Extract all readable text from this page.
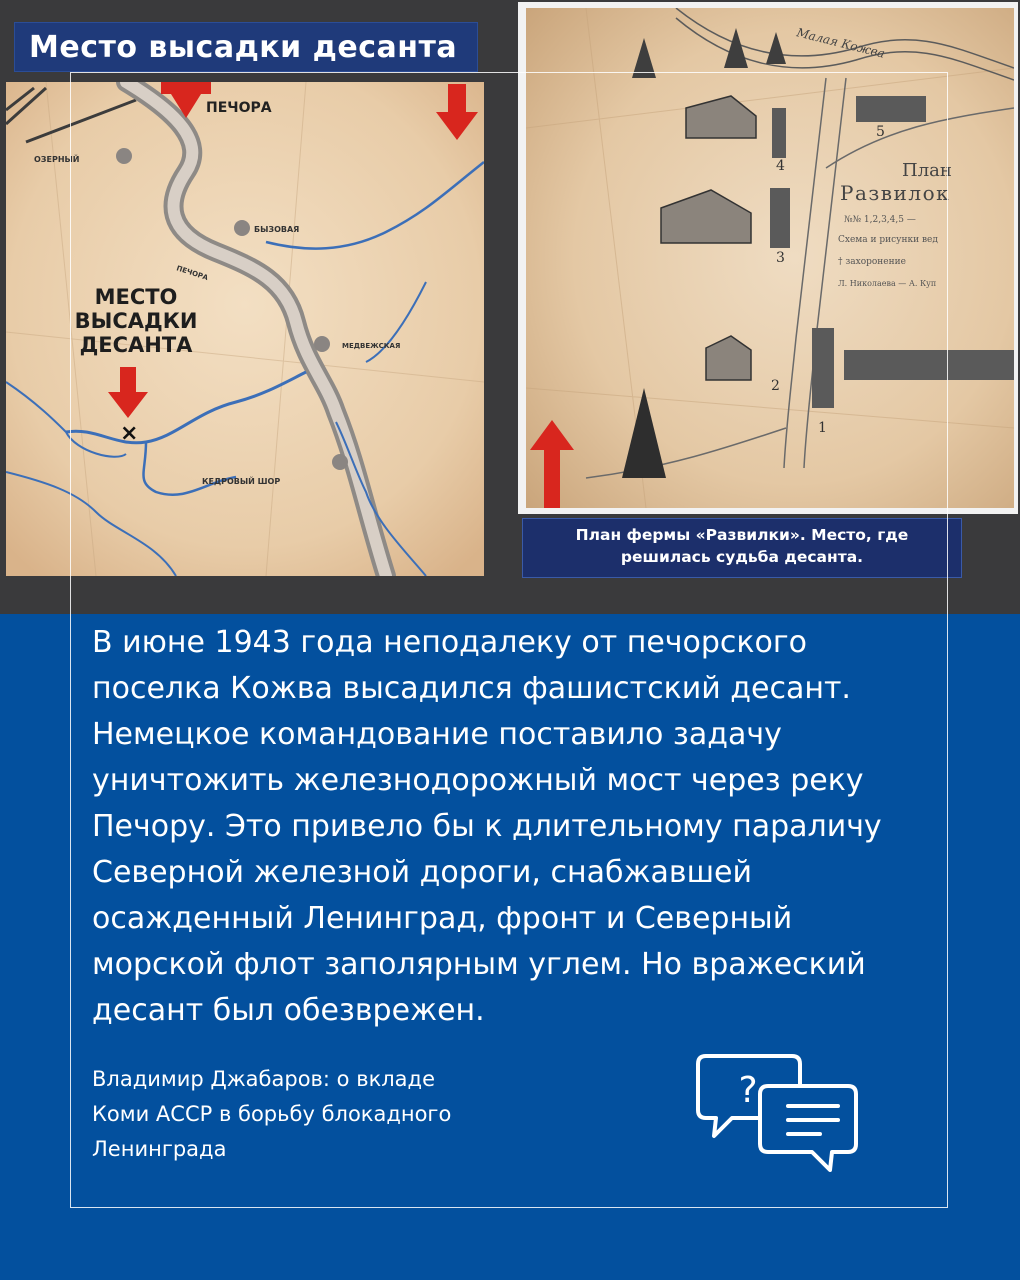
Место высадки десанта
ПЕЧОРА
ОЗЕРНЫЙ
БЫЗОВАЯ
ПЕЧОРА
МЕСТО
ВЫСАДКИ
ДЕСАНТА	МЕДВЕЖСКАЯ
КЕДРОВЫЙ ШОР
×
Малая Кожва
4
3
2
1
5
План
Развилок
№№ 1,2,3,4,5 —
Схема и рисунки вед
† захоронение
Л. Николаева — А. Куп
План фермы «Развилки». Место, где
решилась судьба десанта.
В июне 1943 года неподалеку от печорского
поселка Кожва высадился фашистский десант.
Немецкое командование поставило задачу
уничтожить железнодорожный мост через реку
Печору. Это привело бы к длительному параличу
Северной железной дороги, снабжавшей
осажденный Ленинград, фронт и Северный
морской флот заполярным углем. Но вражеский
десант был обезврежен.
Владимир Джабаров: о вкладе
Коми АССР в борьбу блокадного
Ленинграда
?
